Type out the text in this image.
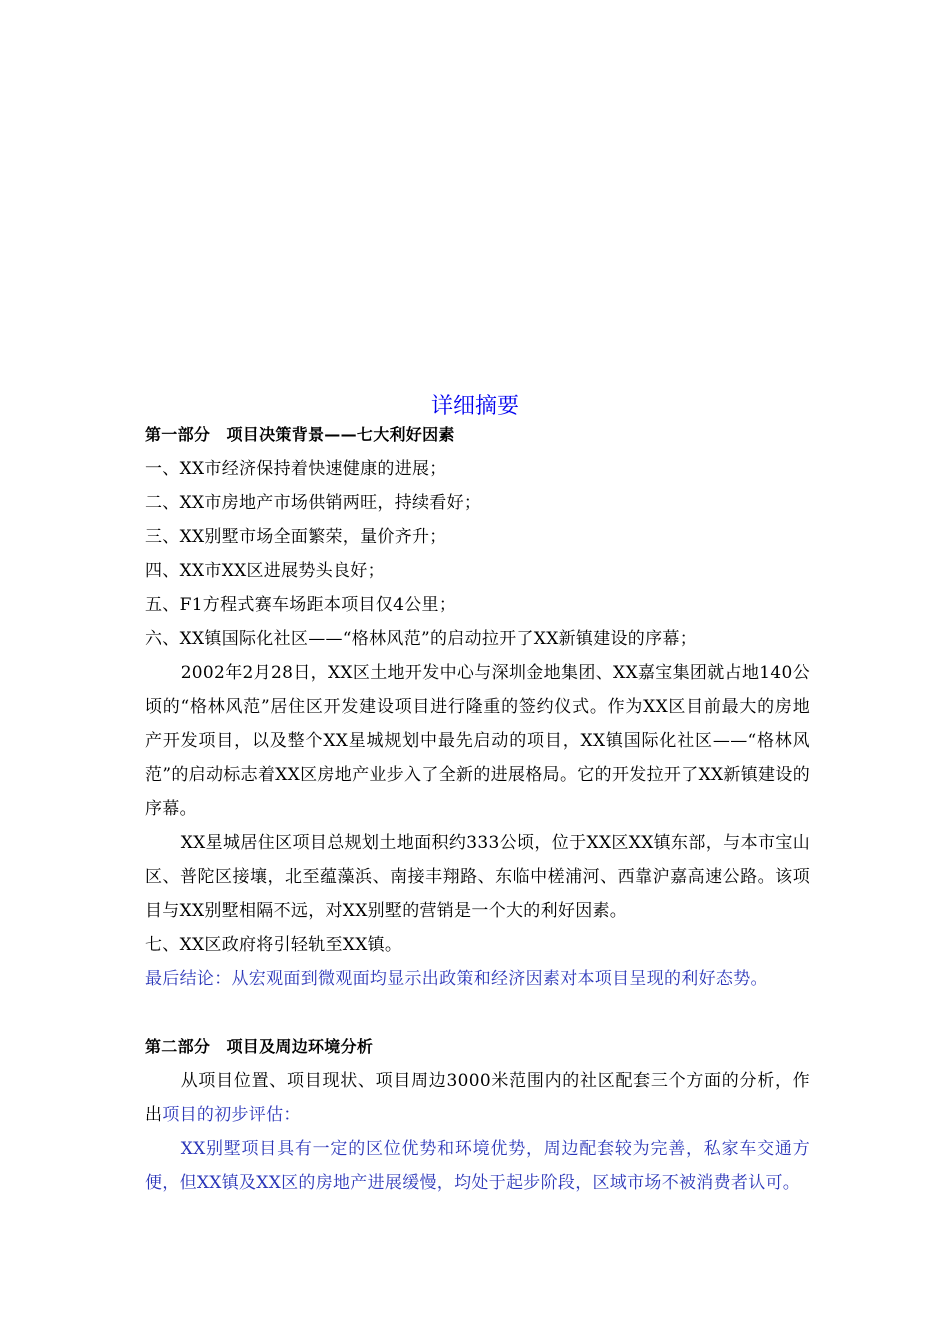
详细摘要

第一部分　项目决策背景——七大利好因素

一、XX市经济保持着快速健康的进展；

二、XX市房地产市场供销两旺，持续看好；

三、XX别墅市场全面繁荣，量价齐升；

四、XX市XX区进展势头良好；

五、F1方程式赛车场距本项目仅4公里；

六、XX镇国际化社区——“格林风范”的启动拉开了XX新镇建设的序幕；

2002年2月28日，XX区土地开发中心与深圳金地集团、XX嘉宝集团就占地140公顷的“格林风范”居住区开发建设项目进行隆重的签约仪式。作为XX区目前最大的房地产开发项目，以及整个XX星城规划中最先启动的项目，XX镇国际化社区——“格林风范”的启动标志着XX区房地产业步入了全新的进展格局。它的开发拉开了XX新镇建设的序幕。

XX星城居住区项目总规划土地面积约333公顷，位于XX区XX镇东部，与本市宝山区、普陀区接壤，北至蕴藻浜、南接丰翔路、东临中槎浦河、西靠沪嘉高速公路。该项目与XX别墅相隔不远，对XX别墅的营销是一个大的利好因素。

七、XX区政府将引轻轨至XX镇。

最后结论：从宏观面到微观面均显示出政策和经济因素对本项目呈现的利好态势。

第二部分　项目及周边环境分析

从项目位置、项目现状、项目周边3000米范围内的社区配套三个方面的分析，作出项目的初步评估：

XX别墅项目具有一定的区位优势和环境优势，周边配套较为完善，私家车交通方便，但XX镇及XX区的房地产进展缓慢，均处于起步阶段，区域市场不被消费者认可。
